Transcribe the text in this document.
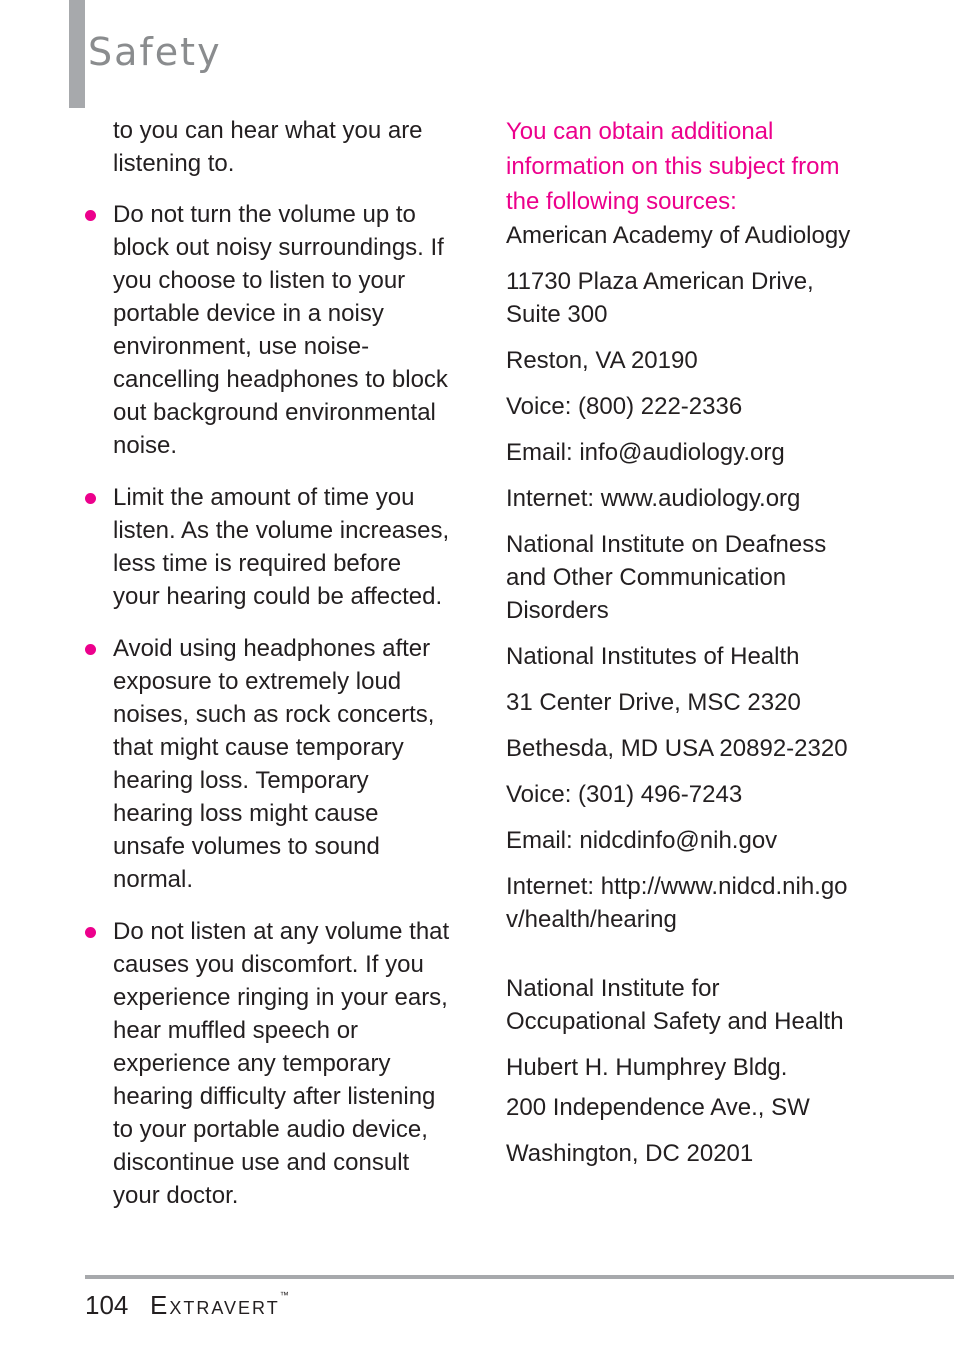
Safety

to you can hear what you are listening to.

Do not turn the volume up to block out noisy surroundings. If you choose to listen to your portable device in a noisy environment, use noise-cancelling headphones to block out background environmental noise.
Limit the amount of time you listen. As the volume increases, less time is required before your hearing could be affected.
Avoid using headphones after exposure to extremely loud noises, such as rock concerts, that might cause temporary hearing loss. Temporary hearing loss might cause unsafe volumes to sound normal.
Do not listen at any volume that causes you discomfort. If you experience ringing in your ears, hear muffled speech or experience any temporary hearing difficulty after listening to your portable audio device, discontinue use and consult your doctor.

You can obtain additional information on this subject from the following sources:

American Academy of Audiology

11730 Plaza American Drive, Suite 300

Reston, VA 20190

Voice: (800) 222-2336

Email: info@audiology.org

Internet: www.audiology.org

National Institute on Deafness and Other Communication Disorders

National Institutes of Health

31 Center Drive, MSC 2320

Bethesda, MD USA 20892-2320

Voice: (301) 496-7243

Email: nidcdinfo@nih.gov

Internet: http://www.nidcd.nih.gov/health/hearing

National Institute for Occupational Safety and Health

Hubert H. Humphrey Bldg.

200 Independence Ave., SW

Washington, DC 20201

104 Extravert™
